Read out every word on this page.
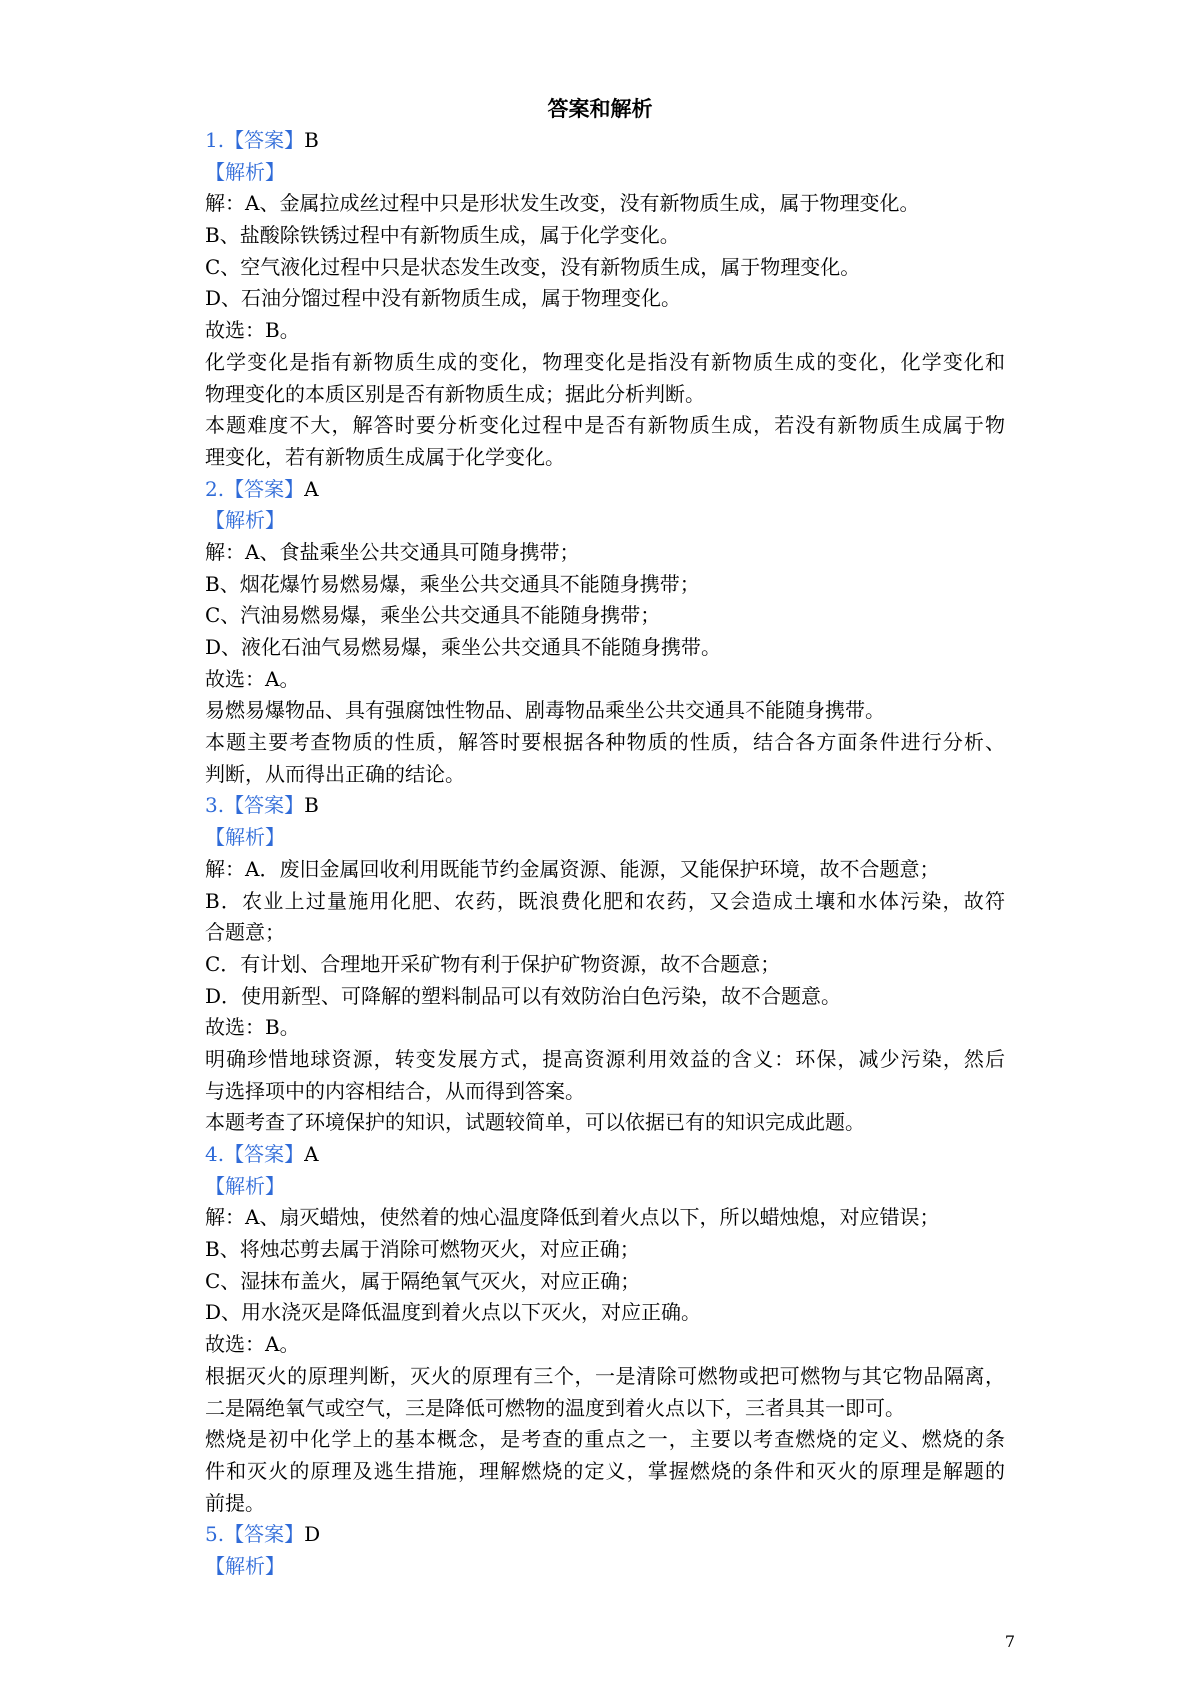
答案和解析
1.【答案】B
【解析】
解：A、金属拉成丝过程中只是形状发生改变，没有新物质生成，属于物理变化。
B、盐酸除铁锈过程中有新物质生成，属于化学变化。
C、空气液化过程中只是状态发生改变，没有新物质生成，属于物理变化。
D、石油分馏过程中没有新物质生成，属于物理变化。
故选：B。
化学变化是指有新物质生成的变化，物理变化是指没有新物质生成的变化，化学变化和
物理变化的本质区别是否有新物质生成；据此分析判断。
本题难度不大，解答时要分析变化过程中是否有新物质生成，若没有新物质生成属于物
理变化，若有新物质生成属于化学变化。
2.【答案】A
【解析】
解：A、食盐乘坐公共交通具可随身携带；
B、烟花爆竹易燃易爆，乘坐公共交通具不能随身携带；
C、汽油易燃易爆，乘坐公共交通具不能随身携带；
D、液化石油气易燃易爆，乘坐公共交通具不能随身携带。
故选：A。
易燃易爆物品、具有强腐蚀性物品、剧毒物品乘坐公共交通具不能随身携带。
本题主要考查物质的性质，解答时要根据各种物质的性质，结合各方面条件进行分析、
判断，从而得出正确的结论。
3.【答案】B
【解析】
解：A．废旧金属回收利用既能节约金属资源、能源，又能保护环境，故不合题意；
B．农业上过量施用化肥、农药，既浪费化肥和农药，又会造成土壤和水体污染，故符
合题意；
C．有计划、合理地开采矿物有利于保护矿物资源，故不合题意；
D．使用新型、可降解的塑料制品可以有效防治白色污染，故不合题意。
故选：B。
明确珍惜地球资源，转变发展方式，提高资源利用效益的含义：环保，减少污染，然后
与选择项中的内容相结合，从而得到答案。
本题考查了环境保护的知识，试题较简单，可以依据已有的知识完成此题。
4.【答案】A
【解析】
解：A、扇灭蜡烛，使然着的烛心温度降低到着火点以下，所以蜡烛熄，对应错误；
B、将烛芯剪去属于消除可燃物灭火，对应正确；
C、湿抹布盖火，属于隔绝氧气灭火，对应正确；
D、用水浇灭是降低温度到着火点以下灭火，对应正确。
故选：A。
根据灭火的原理判断，灭火的原理有三个，一是清除可燃物或把可燃物与其它物品隔离，
二是隔绝氧气或空气，三是降低可燃物的温度到着火点以下，三者具其一即可。
燃烧是初中化学上的基本概念，是考查的重点之一，主要以考查燃烧的定义、燃烧的条
件和灭火的原理及逃生措施，理解燃烧的定义，掌握燃烧的条件和灭火的原理是解题的
前提。
5.【答案】D
【解析】
7
